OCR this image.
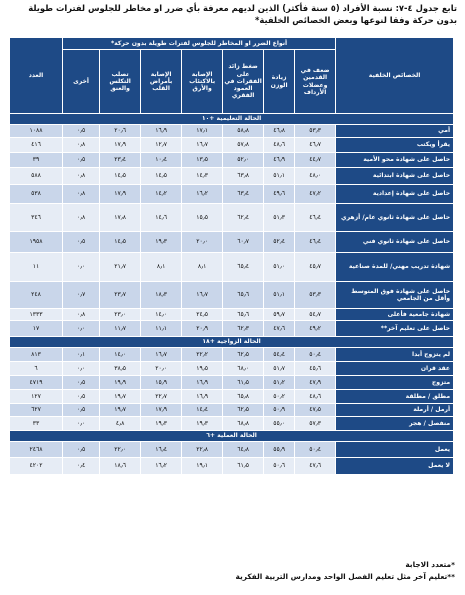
تابع جدول ٤-٧: نسبة الأفراد (٥ سنة فأكثر) الذين لديهم معرفة بأي ضرر او مخاطر للجلوس لفترات طويلة بدون حركة وفقا لنوعها وبعض الخصائص الخلفية*
الخصائص الخلفية	أنواع الضرر او المخاطر للجلوس لفترات طويلة بدون حركة*							العدد
	ضعف في القدمين وعضلات الأرداف	زيادة الوزن	ضغط زائد على الفقرات في العمود الفقري	الإصابة بالاكتئاب والأرق	الإصابة بأمراض القلب	تصلب التكلس والعنق	أخرى	
الحالة التعليمية +١٠								
أمي	٥٣٫٣	٤٦٫٨	٥٨٫٨	١٧٫١	١٦٫٩	٢٠٫٦	٠٫٥	١٠٨٨
يقرأ ويكتب	٤٦٫٧	٤٨٫٦	٥٧٫٨	١٦٫٧	١٢٫٧	١٧٫٩	٠٫٨	٤١٦
حاصل على شهادة محو الأمية	٤٤٫٧	٤٦٫٩	٥٢٫٠	١٣٫٥	١٠٫٤	٢٣٫٤	٠٫٥	٣٩
حاصل على شهادة ابتدائية	٤٨٫٠	٥١٫١	٦٣٫٨	١٤٫٣	١٤٫٥	١٤٫٥	٠٫٨	٥٨٨
حاصل على شهادة إعدادية	٤٧٫٢	٤٩٫٦	٦٣٫٤	١٦٫٢	١٤٫٢	١٧٫٩	٠٫٨	٥٣٨
حاصل على شهادة ثانوي عام/ أزهري	٤٦٫٤	٥١٫٣	٦٢٫٤	١٥٫٥	١٤٫٦	١٧٫٨	٠٫٨	٣٤٦
حاصل على شهادة ثانوي فني	٤٦٫٤	٥٢٫٤	٦٠٫٧	٢٠٫٠	١٩٫٣	١٤٫٥	٠٫٥	١٩٥٨
شهادة تدريب مهني/ للمدة صناعية	٤٥٫٧	٥١٫٠	٦٥٫٤	٨٫١	٨٫١	٢١٫٧	٠٫٠	١١
حاصل على شهادة فوق المتوسط وأقل من الجامعي	٥٣٫٣	٥١٫١	٦٥٫٦	١٦٫٧	١٨٫٣	٢٣٫٧	٠٫٧	٢٤٨
شهادة جامعية فأعلى	٥٤٫٧	٥٩٫٧	٦٥٫٦	٢٤٫٥	١٤٫٠	٢٣٫٠	٠٫٨	١٣٣٣
حاصل على تعليم آخر**	٤٩٫٢	٤٧٫٦	٦٢٫٣	٢٠٫٩	١١٫١	١١٫٧	٠٫٠	١٧
الحالة الزواجية +١٨								
لم يتزوج أبدا	٥٠٫٤	٥٤٫٤	٦٢٫٥	٢٢٫٢	١٦٫٧	١٤٫٠	٠٫١	٨١٣
عقد قران	٤٥٫٦	٥١٫٧	٦٨٫٠	١٩٫٥	٢٠٫٠	٣٨٫٥	٠٫٠	٦
متزوج	٤٧٫٩	٥١٫٢	٦١٫٥	١٦٫٩	١٥٫٩	١٩٫٩	٠٫٥	٤٧١٩
مطلق / مطلقة	٤٨٫٦	٥٠٫٢	٦٥٫٨	١٦٫٩	٢٢٫٧	١٩٫٧	٠٫٥	١٢٧
أرمل / أرملة	٤٧٫٥	٥٠٫٩	٦٢٫٥	١٤٫٤	١٧٫٩	١٩٫٧	٠٫٥	٦٢٧
منفصل / هجر	٥٧٫٣	٥٥٫٠	٦٨٫٨	١٩٫٣	١٩٫٣	٤٫٨	٠٫٠	٣٣
الحالة العملية +٦								
يعمل	٥٠٫٤	٥٥٫٩	٦٤٫٨	٢٢٫٨	١٦٫٤	٢٢٫٠	٠٫٥	٢٤٦٨
لا يعمل	٤٧٫٦	٥٠٫٦	٦١٫٥	١٩٫١	١٦٫٢	١٨٫٦	٠٫٤	٤٢٠٢
*متعدد الاجابة
**تعليم آخر مثل تعليم الفصل الواحد ومدارس التربية الفكرية
